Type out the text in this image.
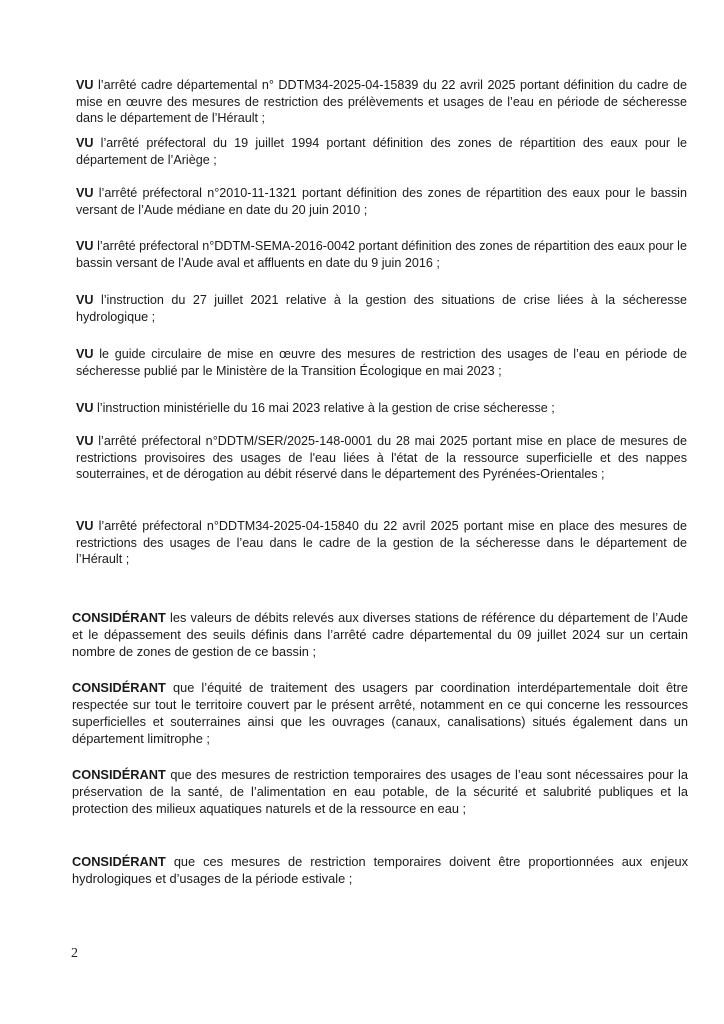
VU l’arrêté cadre départemental n° DDTM34-2025-04-15839 du 22 avril 2025 portant définition du cadre de mise en œuvre des mesures de restriction des prélèvements et usages de l’eau en période de sécheresse dans le département de l’Hérault ;

VU l’arrêté préfectoral du 19 juillet 1994 portant définition des zones de répartition des eaux pour le département de l’Ariège ;

VU l’arrêté préfectoral n°2010-11-1321 portant définition des zones de répartition des eaux pour le bassin versant de l’Aude médiane en date du 20 juin 2010 ;

VU l’arrêté préfectoral n°DDTM-SEMA-2016-0042 portant définition des zones de répartition des eaux pour le bassin versant de l’Aude aval et affluents en date du 9 juin 2016 ;

VU l’instruction du 27 juillet 2021 relative à la gestion des situations de crise liées à la sécheresse hydrologique ;

VU le guide circulaire de mise en œuvre des mesures de restriction des usages de l’eau en période de sécheresse publié par le Ministère de la Transition Écologique en mai 2023 ;

VU l’instruction ministérielle du 16 mai 2023 relative à la gestion de crise sécheresse ;

VU l’arrêté préfectoral n°DDTM/SER/2025-148-0001 du 28 mai 2025 portant mise en place de mesures de restrictions provisoires des usages de l'eau liées à l'état de la ressource superficielle et des nappes souterraines, et de dérogation au débit réservé dans le département des Pyrénées-Orientales ;

VU l’arrêté préfectoral n°DDTM34-2025-04-15840 du 22 avril 2025 portant mise en place des mesures de restrictions des usages de l’eau dans le cadre de la gestion de la sécheresse dans le département de l’Hérault ;

CONSIDÉRANT les valeurs de débits relevés aux diverses stations de référence du département de l’Aude et le dépassement des seuils définis dans l’arrêté cadre départemental du 09 juillet 2024 sur un certain nombre de zones de gestion de ce bassin ;

CONSIDÉRANT que l’équité de traitement des usagers par coordination interdépartementale doit être respectée sur tout le territoire couvert par le présent arrêté, notamment en ce qui concerne les ressources superficielles et souterraines ainsi que les ouvrages (canaux, canalisations) situés également dans un département limitrophe ;

CONSIDÉRANT que des mesures de restriction temporaires des usages de l’eau sont nécessaires pour la préservation de la santé, de l’alimentation en eau potable, de la sécurité et salubrité publiques et la protection des milieux aquatiques naturels et de la ressource en eau ;

CONSIDÉRANT que ces mesures de restriction temporaires doivent être proportionnées aux enjeux hydrologiques et d’usages de la période estivale ;

2
